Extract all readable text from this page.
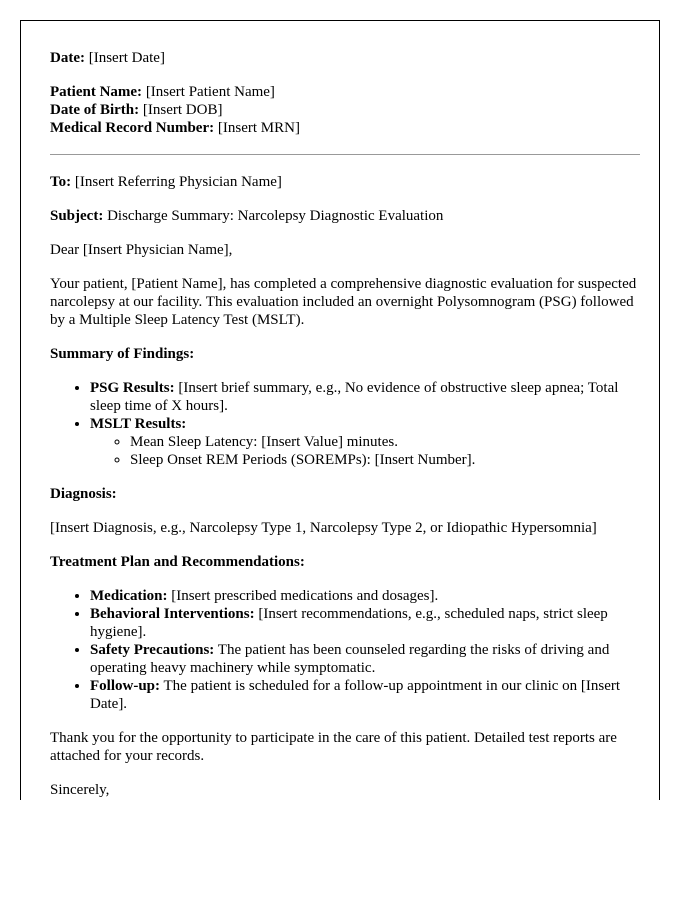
Date: [Insert Date]

Patient Name: [Insert Patient Name]

Date of Birth: [Insert DOB]

Medical Record Number: [Insert MRN]

To: [Insert Referring Physician Name]

Subject: Discharge Summary: Narcolepsy Diagnostic Evaluation

Dear [Insert Physician Name],

Your patient, [Patient Name], has completed a comprehensive diagnostic evaluation for suspected narcolepsy at our facility. This evaluation included an overnight Polysomnogram (PSG) followed by a Multiple Sleep Latency Test (MSLT).

Summary of Findings:

• PSG Results: [Insert brief summary, e.g., No evidence of obstructive sleep apnea; Total sleep time of X hours].
• MSLT Results:
◦ Mean Sleep Latency: [Insert Value] minutes.
◦ Sleep Onset REM Periods (SOREMPs): [Insert Number].

Diagnosis:

[Insert Diagnosis, e.g., Narcolepsy Type 1, Narcolepsy Type 2, or Idiopathic Hypersomnia]

Treatment Plan and Recommendations:

• Medication: [Insert prescribed medications and dosages].
• Behavioral Interventions: [Insert recommendations, e.g., scheduled naps, strict sleep hygiene].
• Safety Precautions: The patient has been counseled regarding the risks of driving and operating heavy machinery while symptomatic.
• Follow-up: The patient is scheduled for a follow-up appointment in our clinic on [Insert Date].

Thank you for the opportunity to participate in the care of this patient. Detailed test reports are attached for your records.

Sincerely,
